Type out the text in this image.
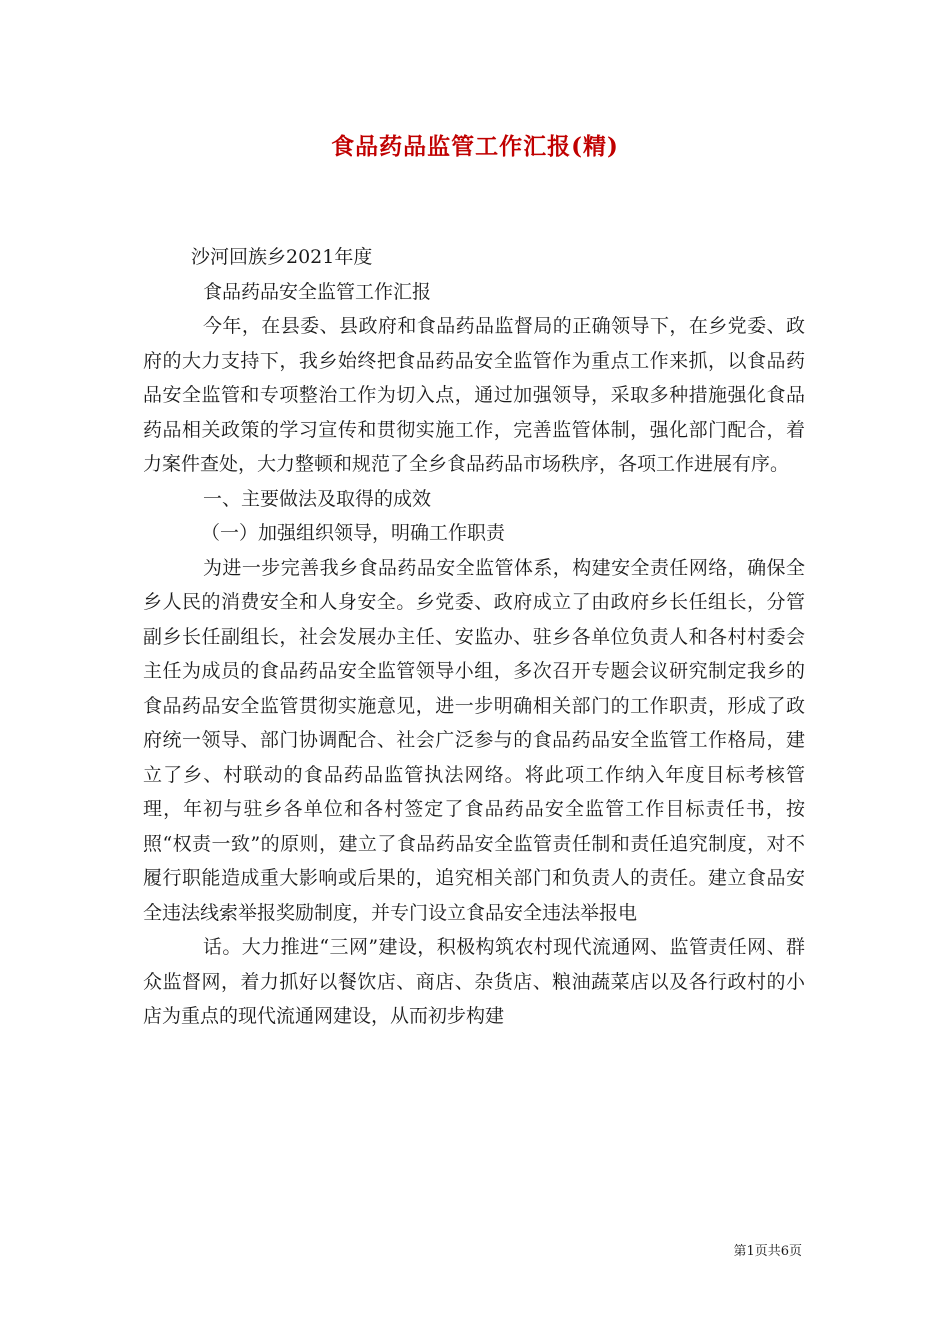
食品药品监管工作汇报(精)

沙河回族乡2021年度

食品药品安全监管工作汇报

今年，在县委、县政府和食品药品监督局的正确领导下，在乡党委、政府的大力支持下，我乡始终把食品药品安全监管作为重点工作来抓，以食品药品安全监管和专项整治工作为切入点，通过加强领导，采取多种措施强化食品药品相关政策的学习宣传和贯彻实施工作，完善监管体制，强化部门配合，着力案件查处，大力整顿和规范了全乡食品药品市场秩序，各项工作进展有序。

一、主要做法及取得的成效

（一）加强组织领导，明确工作职责

为进一步完善我乡食品药品安全监管体系，构建安全责任网络，确保全乡人民的消费安全和人身安全。乡党委、政府成立了由政府乡长任组长，分管副乡长任副组长，社会发展办主任、安监办、驻乡各单位负责人和各村村委会主任为成员的食品药品安全监管领导小组，多次召开专题会议研究制定我乡的食品药品安全监管贯彻实施意见，进一步明确相关部门的工作职责，形成了政府统一领导、部门协调配合、社会广泛参与的食品药品安全监管工作格局，建立了乡、村联动的食品药品监管执法网络。将此项工作纳入年度目标考核管理，年初与驻乡各单位和各村签定了食品药品安全监管工作目标责任书，按照“权责一致”的原则，建立了食品药品安全监管责任制和责任追究制度，对不履行职能造成重大影响或后果的，追究相关部门和负责人的责任。建立食品安全违法线索举报奖励制度，并专门设立食品安全违法举报电

话。大力推进“三网”建设，积极构筑农村现代流通网、监管责任网、群众监督网，着力抓好以餐饮店、商店、杂货店、粮油蔬菜店以及各行政村的小店为重点的现代流通网建设，从而初步构建

第1页共6页
